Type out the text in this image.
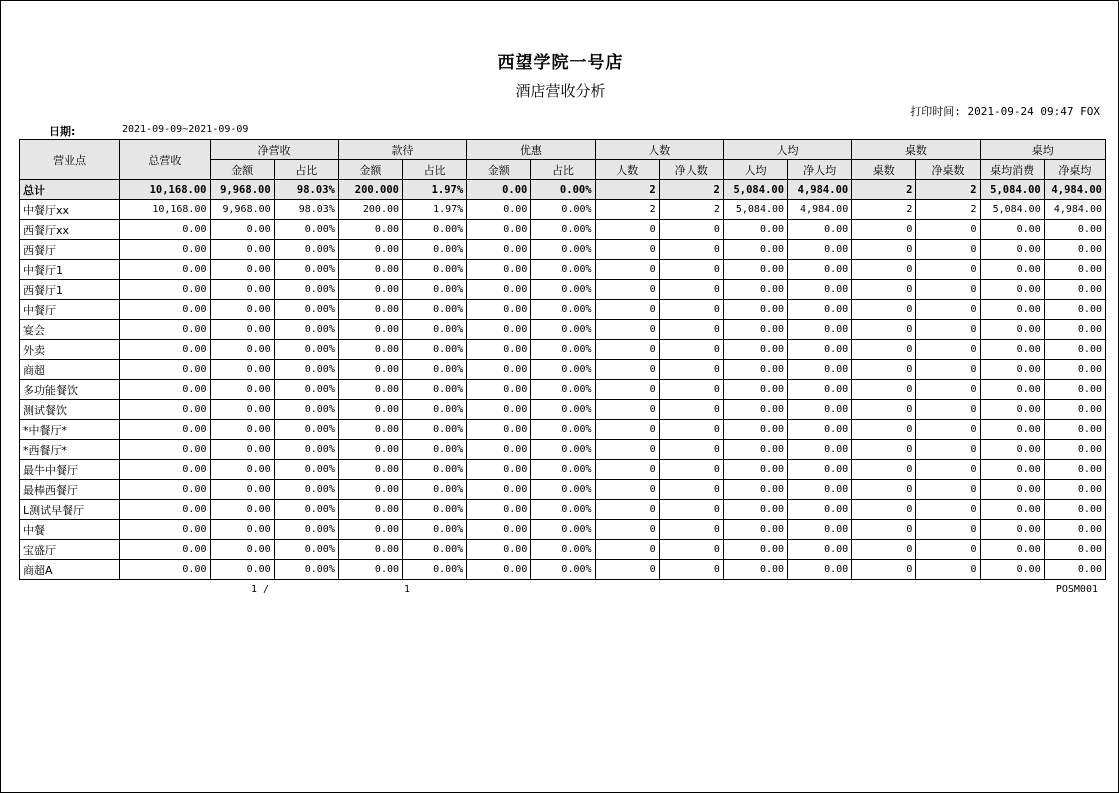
西望学院一号店
酒店营收分析
打印时间: 2021-09-24 09:47 FOX
日期:	2021-09-09~2021-09-09
营业点	总营收	净营收		款待		优惠		人数		人均		桌数		桌均	
		金额	占比	金额	占比	金额	占比	人数	净人数	人均	净人均	桌数	净桌数	桌均消费	净桌均
总计	10,168.00	9,968.00	98.03%	200.000	1.97%	0.00	0.00%	2	2	5,084.00	4,984.00	2	2	5,084.00	4,984.00
中餐厅xx	10,168.00	9,968.00	98.03%	200.00	1.97%	0.00	0.00%	2	2	5,084.00	4,984.00	2	2	5,084.00	4,984.00
西餐厅xx	0.00	0.00	0.00%	0.00	0.00%	0.00	0.00%	0	0	0.00	0.00	0	0	0.00	0.00
西餐厅	0.00	0.00	0.00%	0.00	0.00%	0.00	0.00%	0	0	0.00	0.00	0	0	0.00	0.00
中餐厅1	0.00	0.00	0.00%	0.00	0.00%	0.00	0.00%	0	0	0.00	0.00	0	0	0.00	0.00
西餐厅1	0.00	0.00	0.00%	0.00	0.00%	0.00	0.00%	0	0	0.00	0.00	0	0	0.00	0.00
中餐厅	0.00	0.00	0.00%	0.00	0.00%	0.00	0.00%	0	0	0.00	0.00	0	0	0.00	0.00
宴会	0.00	0.00	0.00%	0.00	0.00%	0.00	0.00%	0	0	0.00	0.00	0	0	0.00	0.00
外卖	0.00	0.00	0.00%	0.00	0.00%	0.00	0.00%	0	0	0.00	0.00	0	0	0.00	0.00
商超	0.00	0.00	0.00%	0.00	0.00%	0.00	0.00%	0	0	0.00	0.00	0	0	0.00	0.00
多功能餐饮	0.00	0.00	0.00%	0.00	0.00%	0.00	0.00%	0	0	0.00	0.00	0	0	0.00	0.00
测试餐饮	0.00	0.00	0.00%	0.00	0.00%	0.00	0.00%	0	0	0.00	0.00	0	0	0.00	0.00
*中餐厅*	0.00	0.00	0.00%	0.00	0.00%	0.00	0.00%	0	0	0.00	0.00	0	0	0.00	0.00
*西餐厅*	0.00	0.00	0.00%	0.00	0.00%	0.00	0.00%	0	0	0.00	0.00	0	0	0.00	0.00
最牛中餐厅	0.00	0.00	0.00%	0.00	0.00%	0.00	0.00%	0	0	0.00	0.00	0	0	0.00	0.00
最棒西餐厅	0.00	0.00	0.00%	0.00	0.00%	0.00	0.00%	0	0	0.00	0.00	0	0	0.00	0.00
L测试早餐厅	0.00	0.00	0.00%	0.00	0.00%	0.00	0.00%	0	0	0.00	0.00	0	0	0.00	0.00
中餐	0.00	0.00	0.00%	0.00	0.00%	0.00	0.00%	0	0	0.00	0.00	0	0	0.00	0.00
宝盛厅	0.00	0.00	0.00%	0.00	0.00%	0.00	0.00%	0	0	0.00	0.00	0	0	0.00	0.00
商超A	0.00	0.00	0.00%	0.00	0.00%	0.00	0.00%	0	0	0.00	0.00	0	0	0.00	0.00
1 /	1	POSM001
